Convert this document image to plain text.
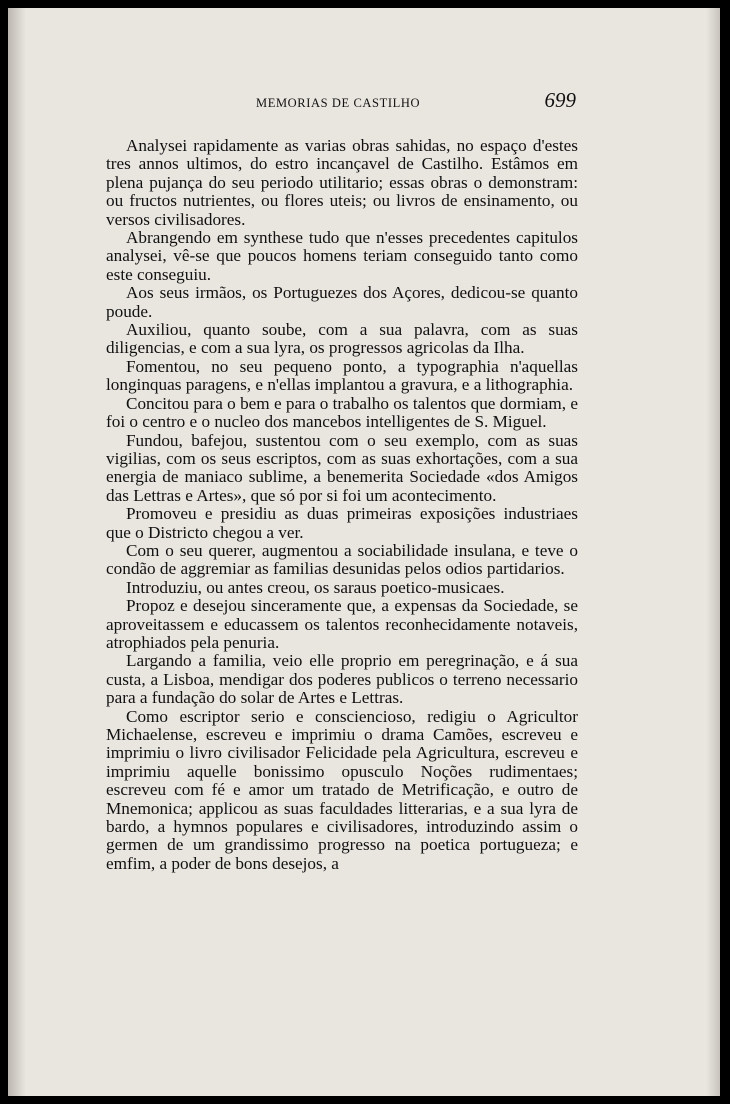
MEMORIAS DE CASTILHO	699

Analysei rapidamente as varias obras sahidas, no espaço d'estes tres annos ultimos, do estro incançavel de Castilho. Estâmos em plena pujança do seu periodo utilitario; essas obras o demonstram: ou fructos nutrientes, ou flores uteis; ou livros de ensinamento, ou versos civilisadores.

Abrangendo em synthese tudo que n'esses precedentes capitulos analysei, vê-se que poucos homens teriam conseguido tanto como este conseguiu.

Aos seus irmãos, os Portuguezes dos Açores, dedicou-se quanto poude.

Auxiliou, quanto soube, com a sua palavra, com as suas diligencias, e com a sua lyra, os progressos agricolas da Ilha.

Fomentou, no seu pequeno ponto, a typographia n'aquellas longinquas paragens, e n'ellas implantou a gravura, e a lithographia.

Concitou para o bem e para o trabalho os talentos que dormiam, e foi o centro e o nucleo dos mancebos intelligentes de S. Miguel.

Fundou, bafejou, sustentou com o seu exemplo, com as suas vigilias, com os seus escriptos, com as suas exhortações, com a sua energia de maniaco sublime, a benemerita Sociedade «dos Amigos das Lettras e Artes», que só por si foi um acontecimento.

Promoveu e presidiu as duas primeiras exposições industriaes que o Districto chegou a ver.

Com o seu querer, augmentou a sociabilidade insulana, e teve o condão de aggremiar as familias desunidas pelos odios partidarios.

Introduziu, ou antes creou, os saraus poetico-musicaes.

Propoz e desejou sinceramente que, a expensas da Sociedade, se aproveitassem e educassem os talentos reconhecidamente notaveis, atrophiados pela penuria.

Largando a familia, veio elle proprio em peregrinação, e á sua custa, a Lisboa, mendigar dos poderes publicos o terreno necessario para a fundação do solar de Artes e Lettras.

Como escriptor serio e consciencioso, redigiu o Agricultor Michaelense, escreveu e imprimiu o drama Camões, escreveu e imprimiu o livro civilisador Felicidade pela Agricultura, escreveu e imprimiu aquelle bonissimo opusculo Noções rudimentaes; escreveu com fé e amor um tratado de Metrificação, e outro de Mnemonica; applicou as suas faculdades litterarias, e a sua lyra de bardo, a hymnos populares e civilisadores, introduzindo assim o germen de um grandissimo progresso na poetica portugueza; e emfim, a poder de bons desejos, a
